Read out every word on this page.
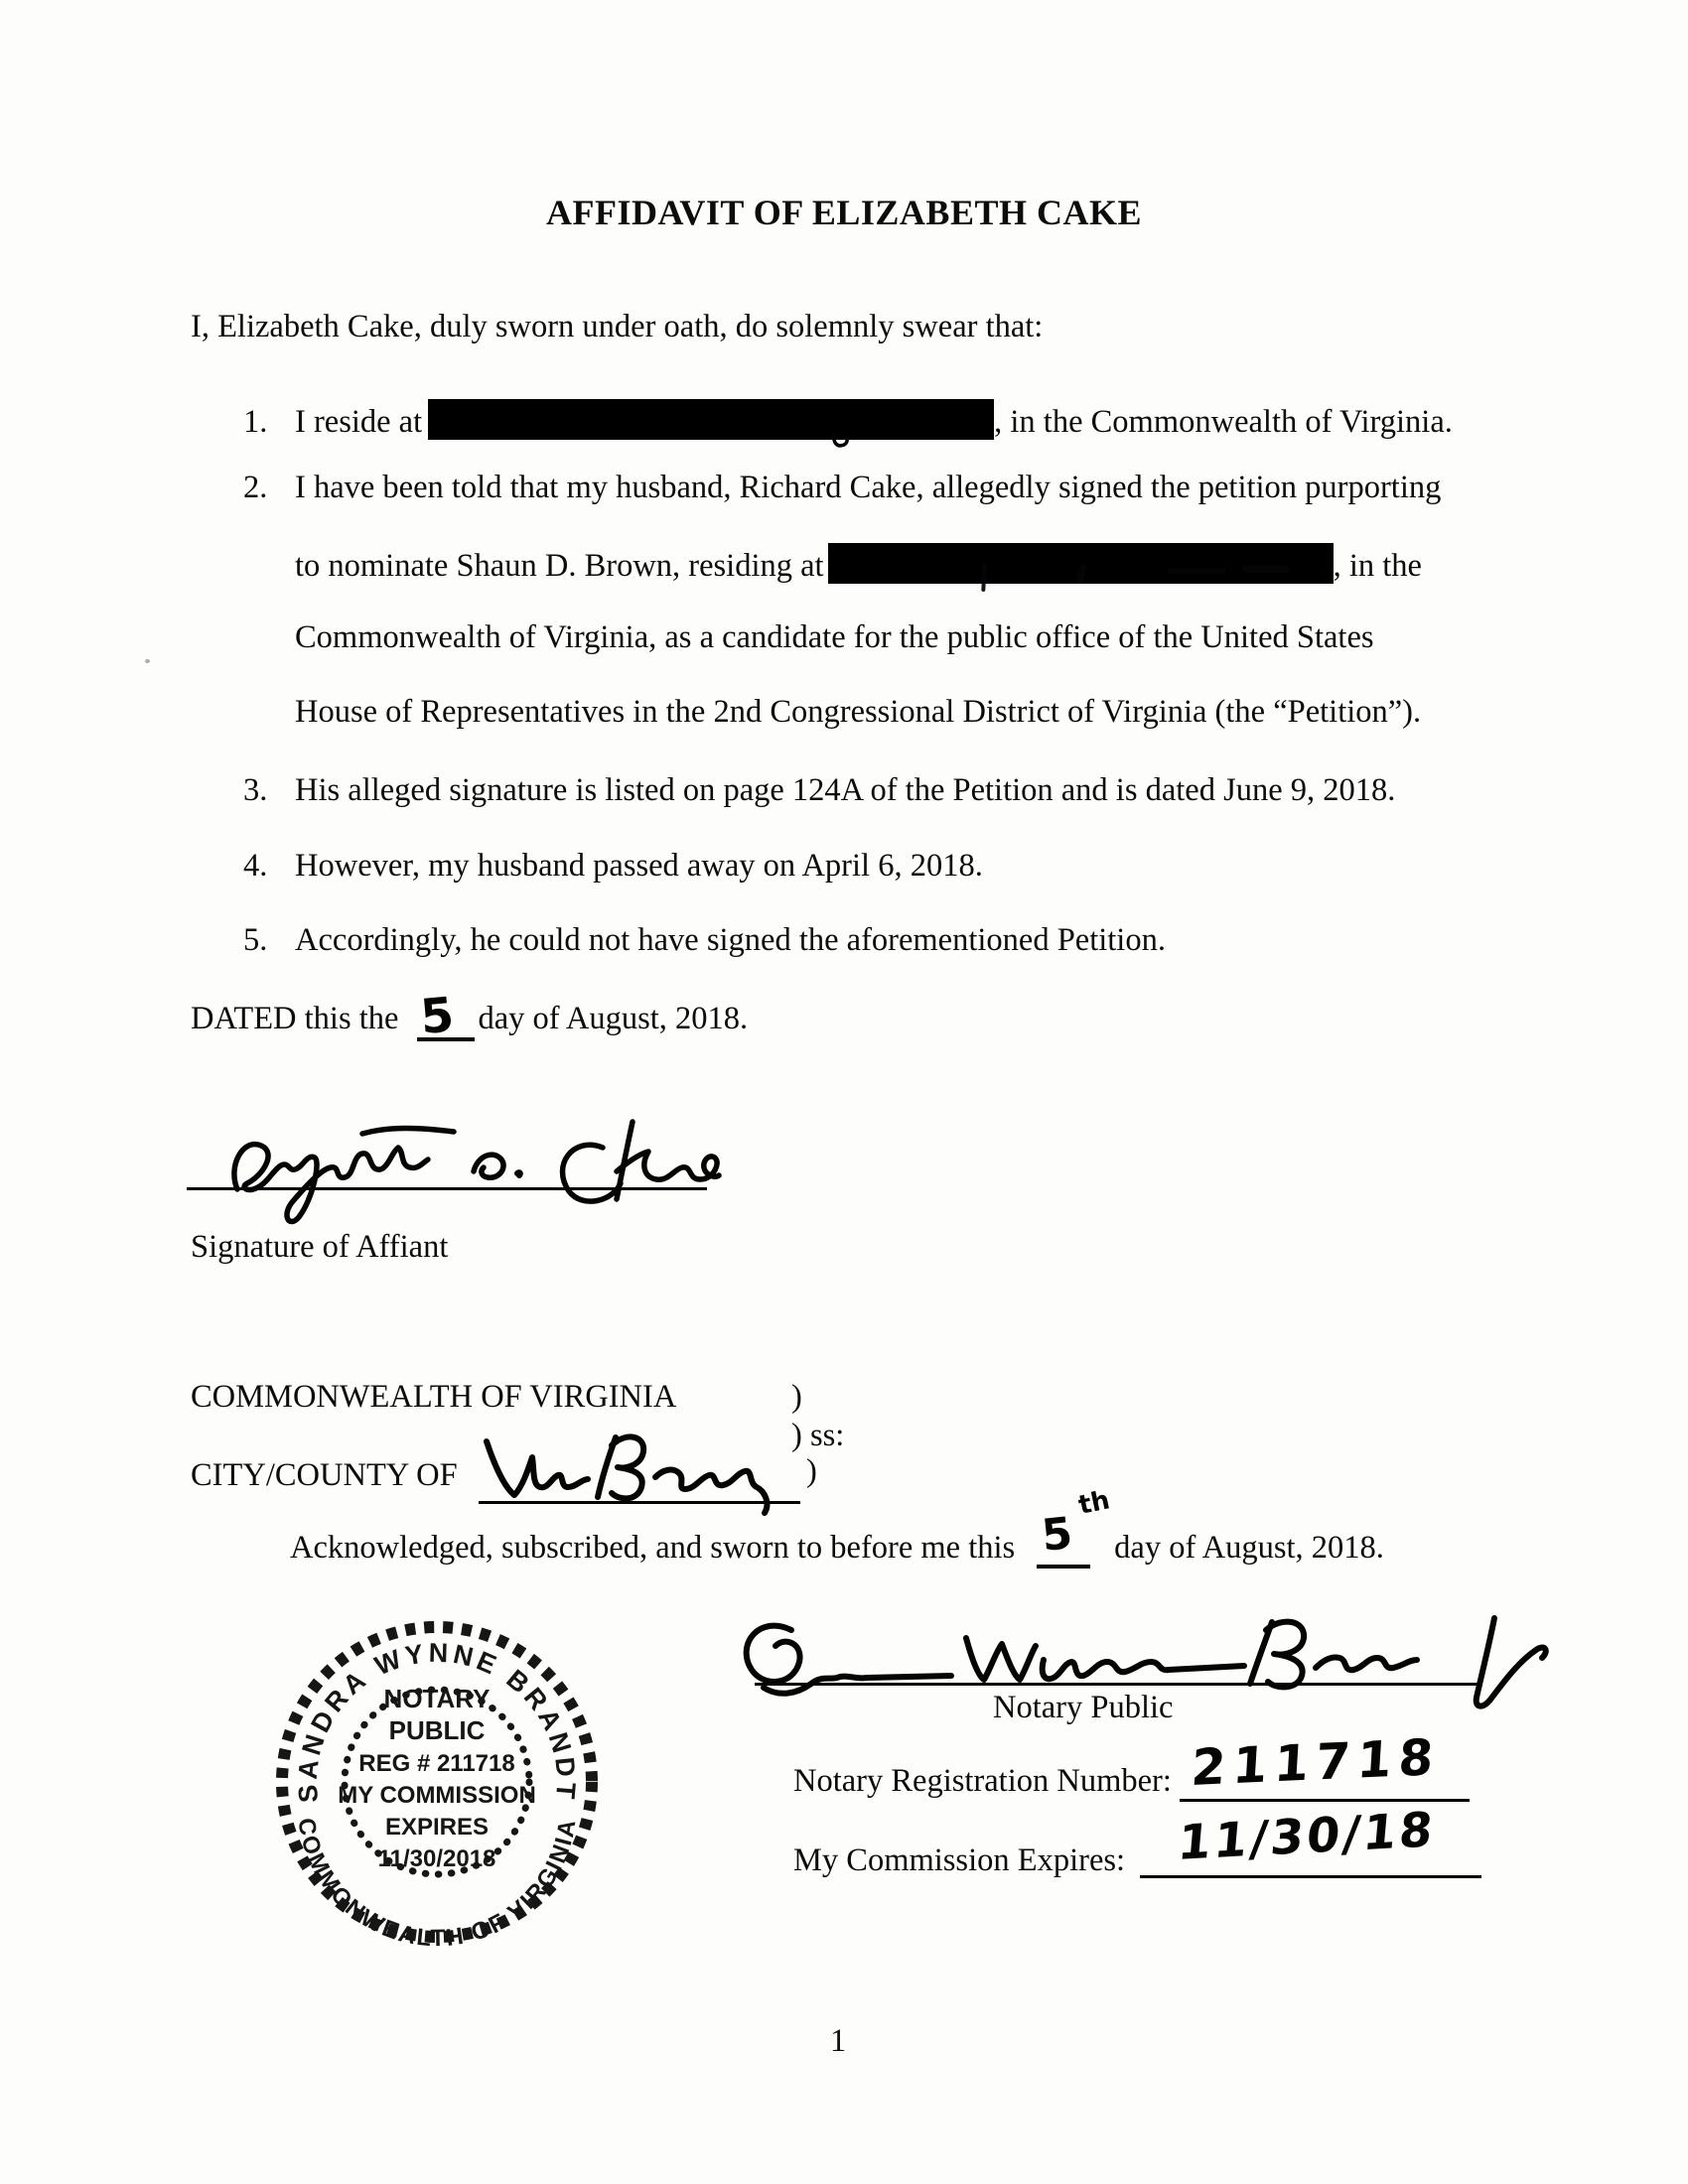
AFFIDAVIT OF ELIZABETH CAKE
I, Elizabeth Cake, duly sworn under oath, do solemnly swear that:
1. I reside at	, in the Commonwealth of Virginia.
2. I have been told that my husband, Richard Cake, allegedly signed the petition purporting
to nominate Shaun D. Brown, residing at	, in the
Commonwealth of Virginia, as a candidate for the public office of the United States
House of Representatives in the 2nd Congressional District of Virginia (the “Petition”).
3. His alleged signature is listed on page 124A of the Petition and is dated June 9, 2018.
4. However, my husband passed away on April 6, 2018.
5. Accordingly, he could not have signed the aforementioned Petition.
DATED this the day of August, 2018.
5
Signature of Affiant
COMMONWEALTH OF VIRGINIA	)
) ss:
CITY/COUNTY OF	)
Acknowledged, subscribed, and sworn to before me this	day of August, 2018.
5
th
SANDRA WYNNE BRANDT
COMMONWEALTH OF VIRGINIA
NOTARY
PUBLIC
REG # 211718
MY COMMISSION
EXPIRES
11/30/2018
Notary Public
Notary Registration Number: 211718
My Commission Expires: 11/30/18
1
